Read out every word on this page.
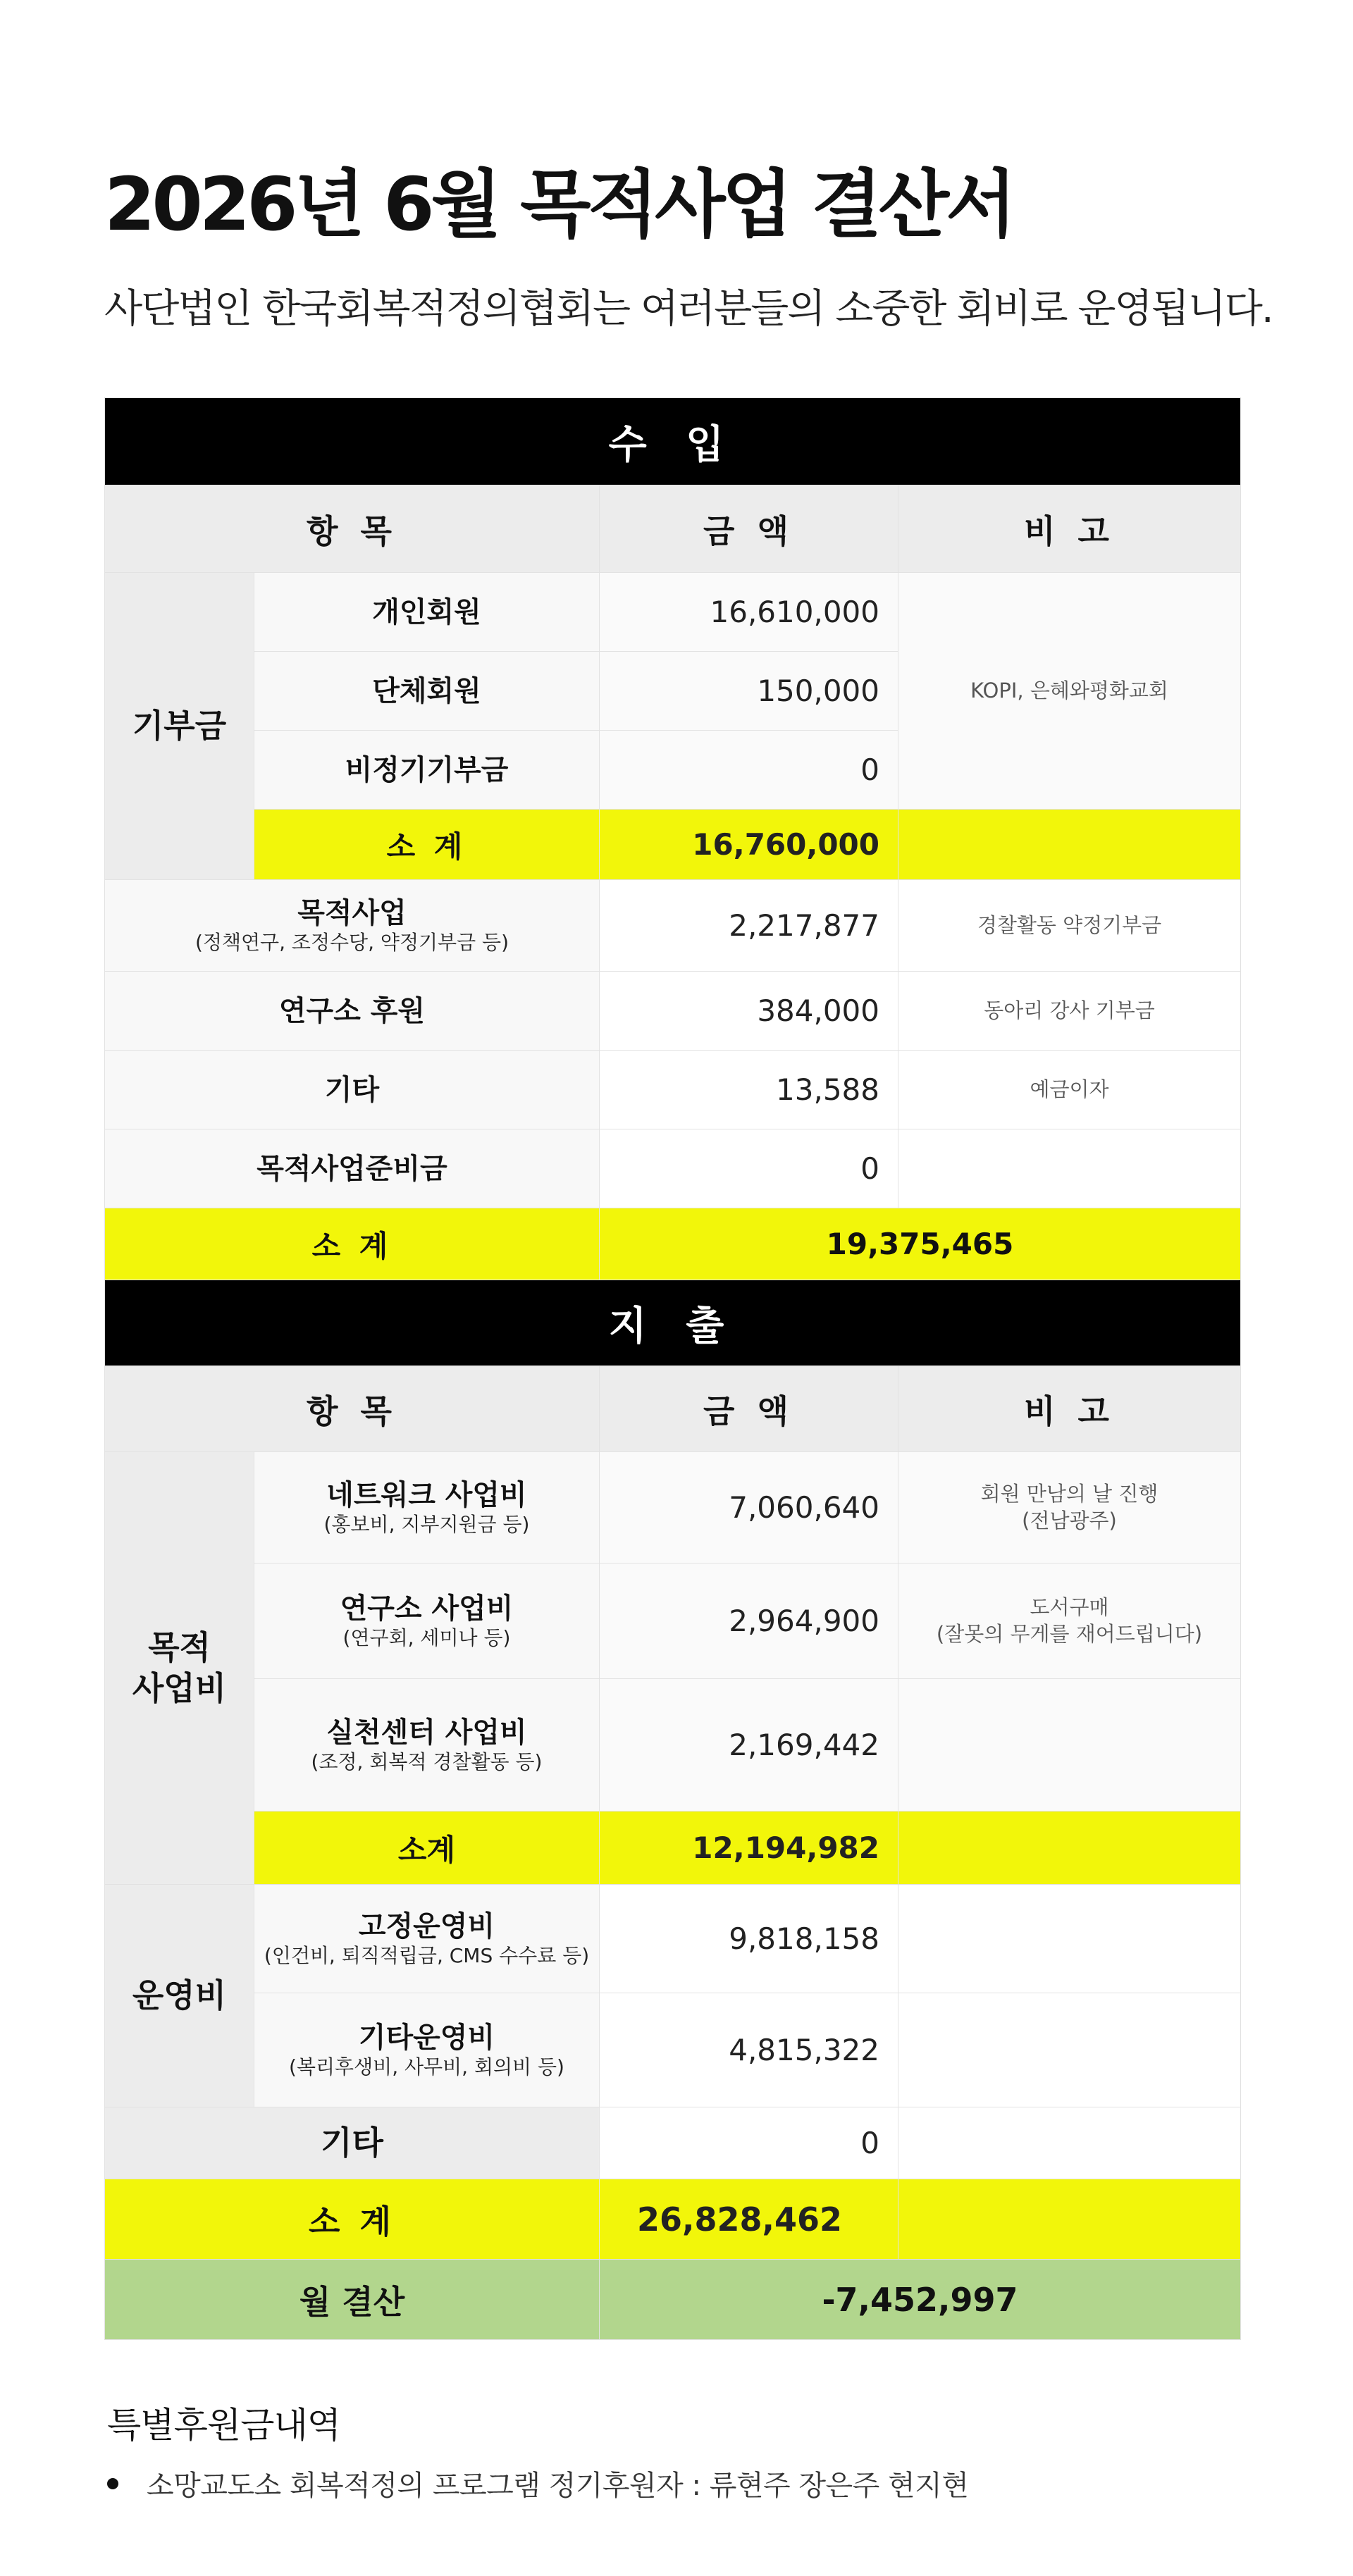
2026년 6월 목적사업 결산서

사단법인 한국회복적정의협회는 여러분들의 소중한 회비로 운영됩니다.

수 입			
항 목		금 액	비 고
기부금	개인회원	16,610,000	KOPI, 은혜와평화교회
	단체회원	150,000	
	비정기기부금	0	
	소 계	16,760,000	
목적사업
(정책연구, 조정수당, 약정기부금 등)		2,217,877	경찰활동 약정기부금
연구소 후원		384,000	동아리 강사 기부금
기타		13,588	예금이자
목적사업준비금		0	
소 계		19,375,465	
지 출			
항 목		금 액	비 고
목적
사업비	네트워크 사업비
(홍보비, 지부지원금 등)	7,060,640	회원 만남의 날 진행
(전남광주)
	연구소 사업비
(연구회, 세미나 등)	2,964,900	도서구매
(잘못의 무게를 재어드립니다)
	실천센터 사업비
(조정, 회복적 경찰활동 등)	2,169,442	
	소계	12,194,982	
운영비	고정운영비
(인건비, 퇴직적립금, CMS 수수료 등)	9,818,158	
	기타운영비
(복리후생비, 사무비, 회의비 등)	4,815,322	
기타		0	
소 계		26,828,462	
월 결산		-7,452,997	
특별후원금내역
소망교도소 회복적정의 프로그램 정기후원자 : 류현주 장은주 현지현
